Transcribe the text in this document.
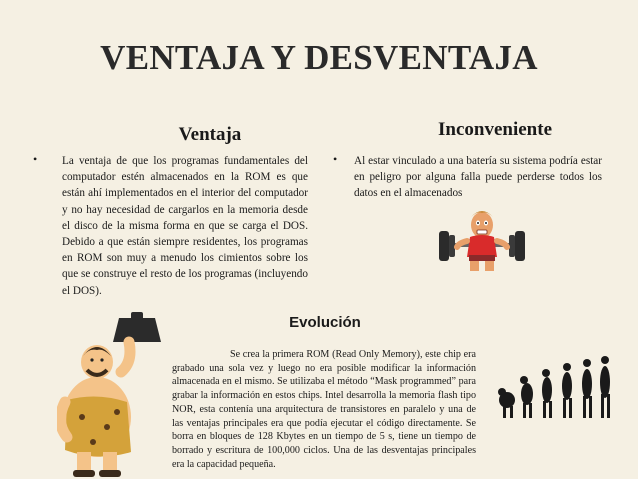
VENTAJA Y DESVENTAJA
Ventaja
• La ventaja de que los programas fundamentales del computador estén almacenados en la ROM es que están ahí implementados en el interior del computador y no hay necesidad de cargarlos en la memoria desde el disco de la misma forma en que se carga el DOS. Debido a que están siempre residentes, los programas en ROM son muy a menudo los cimientos sobre los que se construye el resto de los programas (incluyendo el DOS).
Inconveniente
• Al estar vinculado a una batería su sistema podría estar en peligro por alguna falla puede perderse todos los datos en el almacenados
Evolución
Se crea la primera ROM (Read Only Memory), este chip era grabado una sola vez y luego no era posible modificar la información almacenada en el mismo. Se utilizaba el método “Mask programmed” para grabar la información en estos chips. Intel desarrolla la memoria flash tipo NOR, esta contenía una arquitectura de transistores en paralelo y una de las ventajas principales era que podía ejecutar el código directamente. Se borra en bloques de 128 Kbytes en un tiempo de 5 s, tiene un tiempo de borrado y escritura de 100,000 ciclos. Una de las desventajas principales era la capacidad pequeña.
